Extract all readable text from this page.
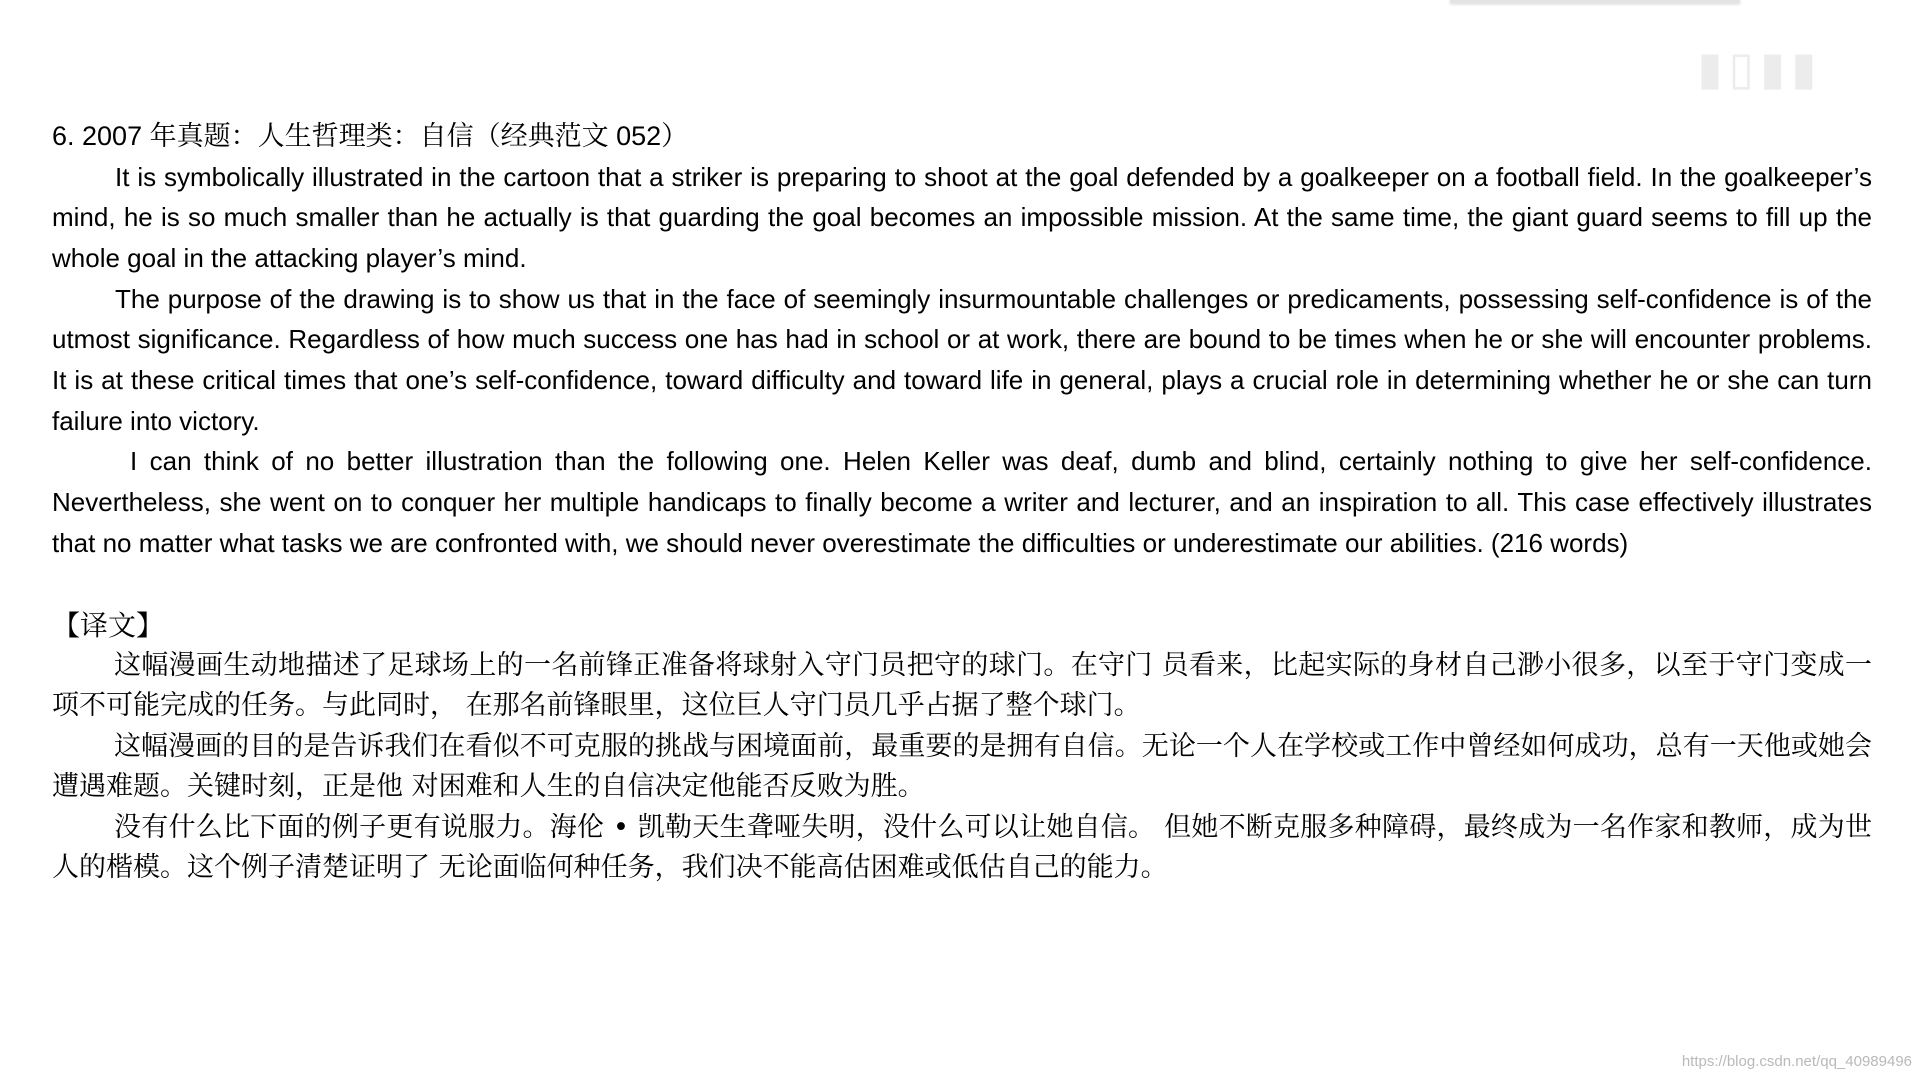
▮▯▮▮

6. 2007 年真题：人生哲理类：自信（经典范文 052）

It is symbolically illustrated in the cartoon that a striker is preparing to shoot at the goal defended by a goalkeeper on a football field. In the goalkeeper’s mind, he is so much smaller than he actually is that guarding the goal becomes an impossible mission. At the same time, the giant guard seems to fill up the whole goal in the attacking player’s mind.

The purpose of the drawing is to show us that in the face of seemingly insurmountable challenges or predicaments, possessing self-confidence is of the utmost significance. Regardless of how much success one has had in school or at work, there are bound to be times when he or she will encounter problems. It is at these critical times that one’s self-confidence, toward difficulty and toward life in general, plays a crucial role in determining whether he or she can turn failure into victory.

I can think of no better illustration than the following one. Helen Keller was deaf, dumb and blind, certainly nothing to give her self-confidence. Nevertheless, she went on to conquer her multiple handicaps to finally become a writer and lecturer, and an inspiration to all. This case effectively illustrates that no matter what tasks we are confronted with, we should never overestimate the difficulties or underestimate our abilities. (216 words)

【译文】

这幅漫画生动地描述了足球场上的一名前锋正准备将球射入守门员把守的球门。在守门 员看来，比起实际的身材自己渺小很多，以至于守门变成一项不可能完成的任务。与此同时， 在那名前锋眼里，这位巨人守门员几乎占据了整个球门。

这幅漫画的目的是告诉我们在看似不可克服的挑战与困境面前，最重要的是拥有自信。无论一个人在学校或工作中曾经如何成功，总有一天他或她会遭遇难题。关键时刻，正是他 对困难和人生的自信决定他能否反败为胜。

没有什么比下面的例子更有说服力。海伦 • 凯勒天生聋哑失明，没什么可以让她自信。 但她不断克服多种障碍，最终成为一名作家和教师，成为世人的楷模。这个例子清楚证明了 无论面临何种任务，我们决不能高估困难或低估自己的能力。

https://blog.csdn.net/qq_40989496
